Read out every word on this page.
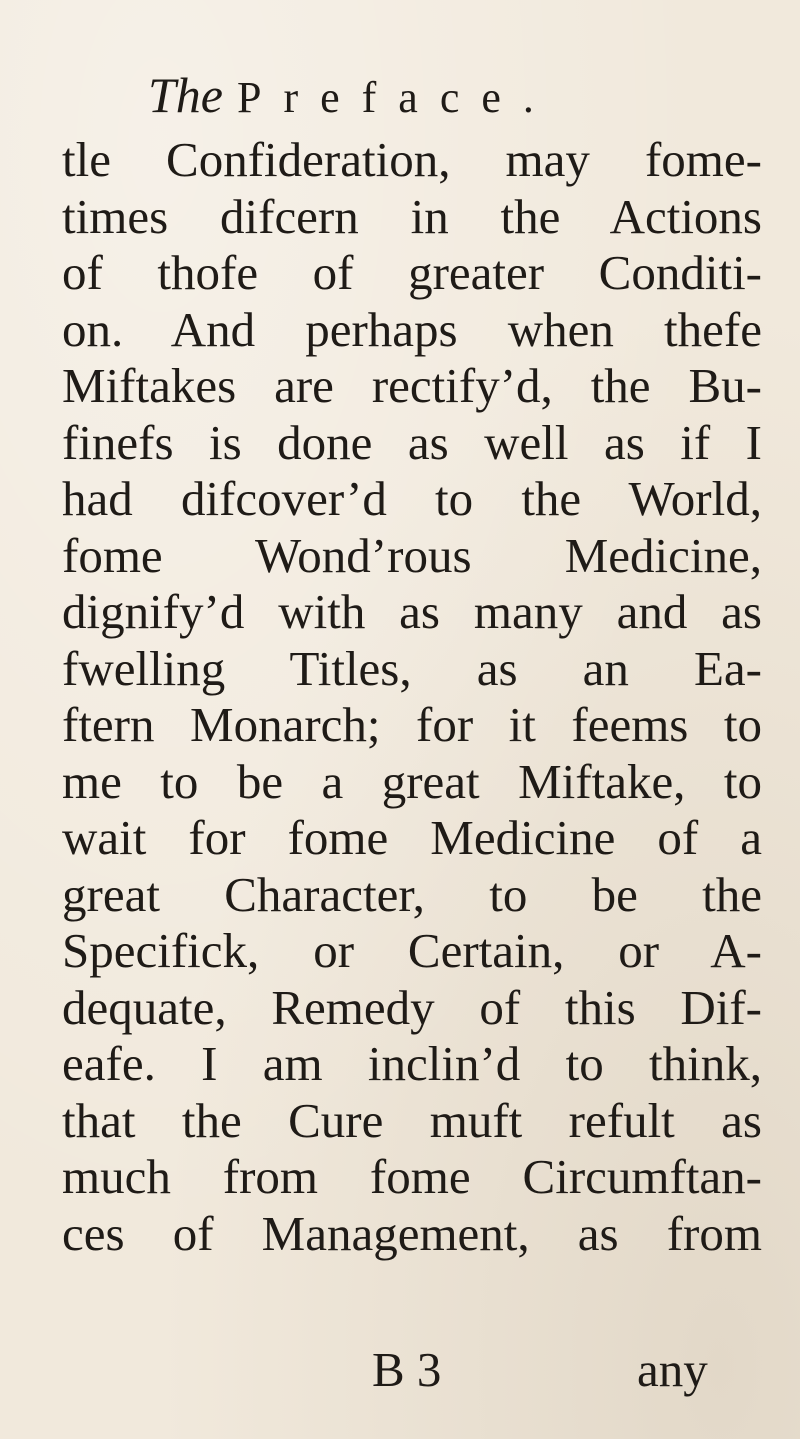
The Preface.
tle Confideration, may fome-
times difcern in the Actions
of thofe of greater Conditi-
on. And perhaps when thefe
Miftakes are rectify’d, the Bu-
finefs is done as well as if I
had difcover’d to the World,
fome Wond’rous Medicine,
dignify’d with as many and as
fwelling Titles, as an Ea-
ftern Monarch; for it feems to
me to be a great Miftake, to
wait for fome Medicine of a
great Character, to be the
Specifick, or Certain, or A-
dequate, Remedy of this Dif-
eafe. I am inclin’d to think,
that the Cure muft refult as
much from fome Circumftan-
ces of Management, as from
B 3	any
